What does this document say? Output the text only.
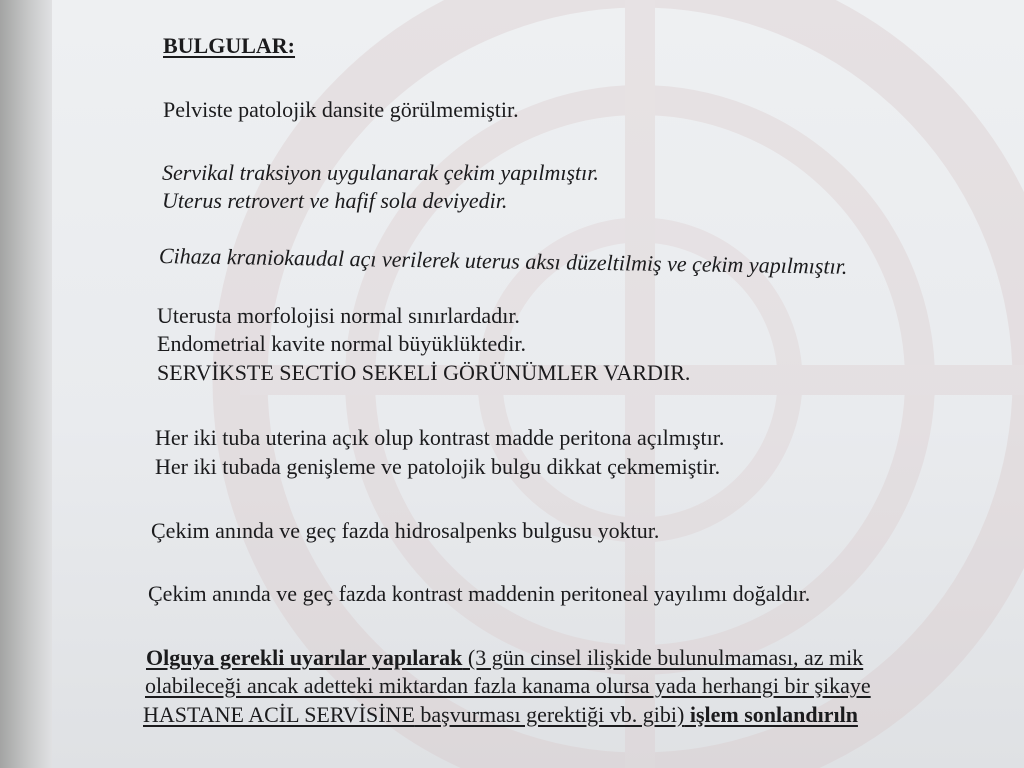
BULGULAR:
Pelviste patolojik dansite görülmemiştir.
Servikal traksiyon uygulanarak çekim yapılmıştır.
Uterus retrovert ve hafif sola deviyedir.
Cihaza kraniokaudal açı verilerek uterus aksı düzeltilmiş ve çekim yapılmıştır.
Uterusta morfolojisi normal sınırlardadır.
Endometrial kavite normal büyüklüktedir.
SERVİKSTE SECTİO SEKELİ GÖRÜNÜMLER VARDIR.
Her iki tuba uterina açık olup kontrast madde peritona açılmıştır.
Her iki tubada genişleme ve patolojik bulgu dikkat çekmemiştir.
Çekim anında ve geç fazda hidrosalpenks bulgusu yoktur.
Çekim anında ve geç fazda kontrast maddenin peritoneal yayılımı doğaldır.
Olguya gerekli uyarılar yapılarak (3 gün cinsel ilişkide bulunulmaması, az mik
olabileceği ancak adetteki miktardan fazla kanama olursa yada herhangi bir şikaye
HASTANE ACİL SERVİSİNE başvurması gerektiği vb. gibi) işlem sonlandırıln
